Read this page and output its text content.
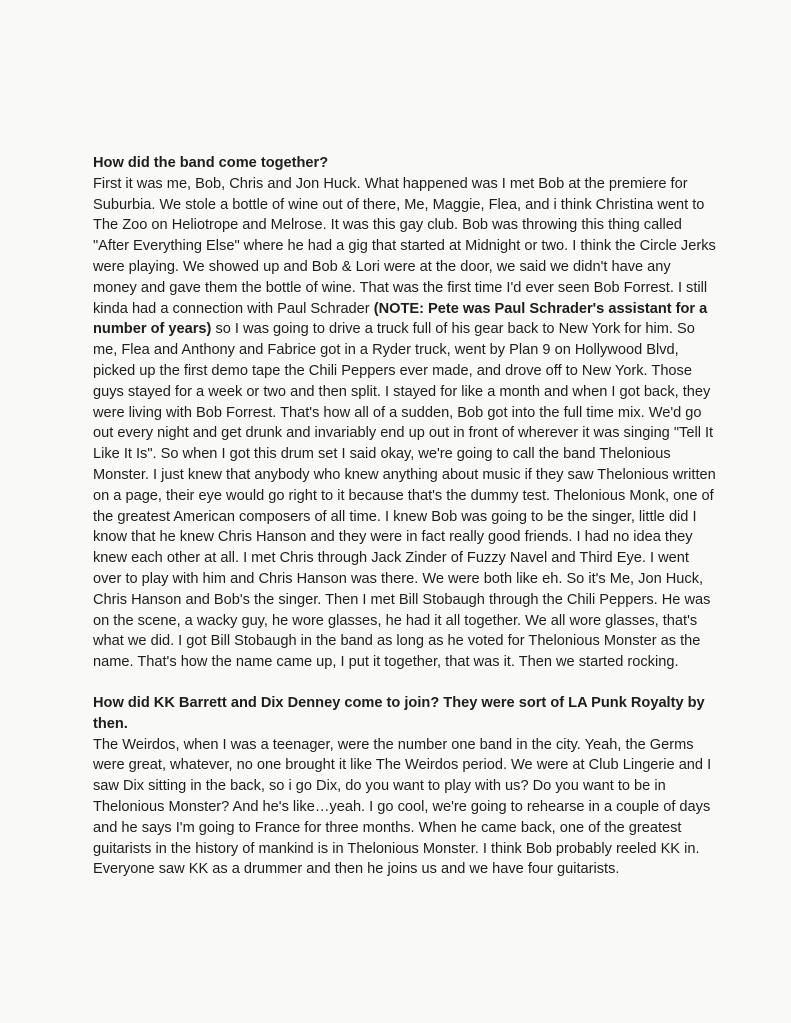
How did the band come together?

First it was me, Bob, Chris and Jon Huck. What happened was I met Bob at the premiere for Suburbia. We stole a bottle of wine out of there, Me, Maggie, Flea, and i think Christina went to The Zoo on Heliotrope and Melrose. It was this gay club. Bob was throwing this thing called "After Everything Else" where he had a gig that started at Midnight or two. I think the Circle Jerks were playing. We showed up and Bob & Lori were at the door, we said we didn't have any money and gave them the bottle of wine. That was the first time I'd ever seen Bob Forrest. I still kinda had a connection with Paul Schrader (NOTE: Pete was Paul Schrader's assistant for a number of years) so I was going to drive a truck full of his gear back to New York for him. So me, Flea and Anthony and Fabrice got in a Ryder truck, went by Plan 9 on Hollywood Blvd, picked up the first demo tape the Chili Peppers ever made, and drove off to New York. Those guys stayed for a week or two and then split. I stayed for like a month and when I got back, they were living with Bob Forrest. That's how all of a sudden, Bob got into the full time mix. We'd go out every night and get drunk and invariably end up out in front of wherever it was singing "Tell It Like It Is". So when I got this drum set I said okay, we're going to call the band Thelonious Monster. I just knew that anybody who knew anything about music if they saw Thelonious written on a page, their eye would go right to it because that's the dummy test. Thelonious Monk, one of the greatest American composers of all time. I knew Bob was going to be the singer, little did I know that he knew Chris Hanson and they were in fact really good friends. I had no idea they knew each other at all. I met Chris through Jack Zinder of Fuzzy Navel and Third Eye. I went over to play with him and Chris Hanson was there. We were both like eh. So it's Me, Jon Huck, Chris Hanson and Bob's the singer. Then I met Bill Stobaugh through the Chili Peppers. He was on the scene, a wacky guy, he wore glasses, he had it all together. We all wore glasses, that's what we did. I got Bill Stobaugh in the band as long as he voted for Thelonious Monster as the name. That's how the name came up, I put it together, that was it. Then we started rocking.

How did KK Barrett and Dix Denney come to join? They were sort of LA Punk Royalty by then.

The Weirdos, when I was a teenager, were the number one band in the city. Yeah, the Germs were great, whatever, no one brought it like The Weirdos period. We were at Club Lingerie and I saw Dix sitting in the back, so i go Dix, do you want to play with us? Do you want to be in Thelonious Monster? And he's like…yeah. I go cool, we're going to rehearse in a couple of days and he says I'm going to France for three months. When he came back, one of the greatest guitarists in the history of mankind is in Thelonious Monster. I think Bob probably reeled KK in. Everyone saw KK as a drummer and then he joins us and we have four guitarists.
